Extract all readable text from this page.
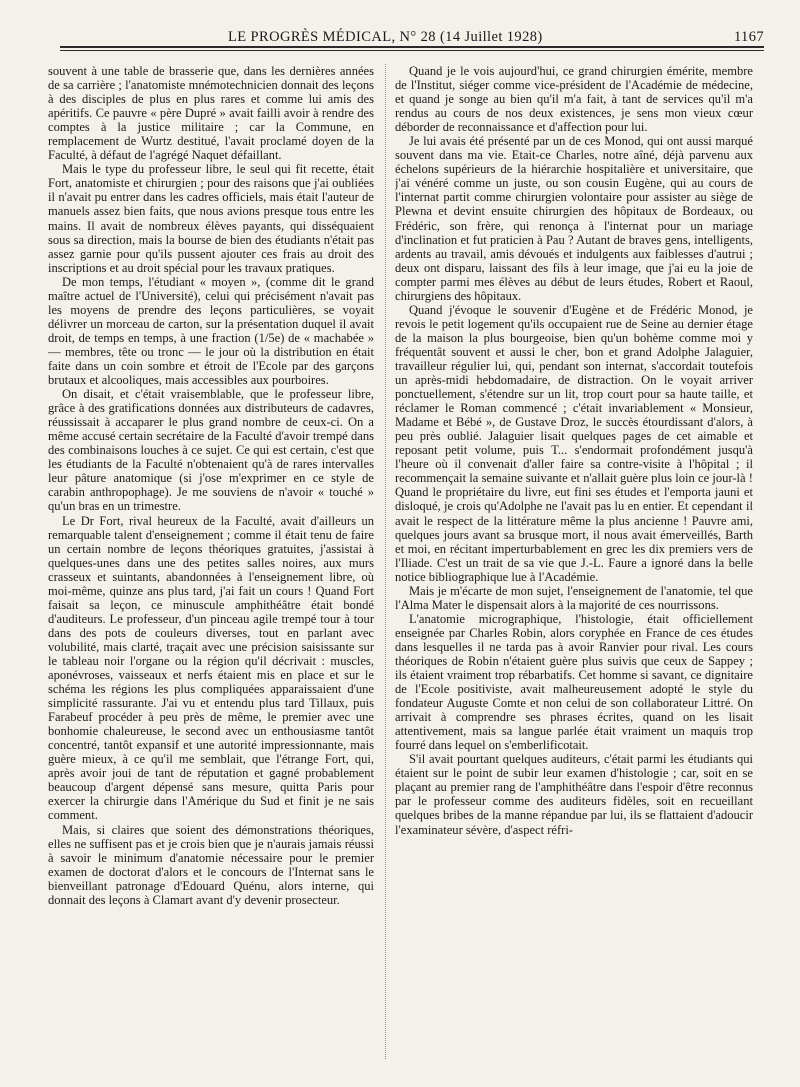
LE PROGRÈS MÉDICAL, N° 28 (14 Juillet 1928)	1167

souvent à une table de brasserie que, dans les dernières années de sa carrière ; l'anatomiste mnémotechnicien donnait des leçons à des disciples de plus en plus rares et comme lui amis des apéritifs. Ce pauvre « père Dupré » avait failli avoir à rendre des comptes à la justice militaire ; car la Commune, en remplacement de Wurtz destitué, l'avait proclamé doyen de la Faculté, à défaut de l'agrégé Naquet défaillant.

Mais le type du professeur libre, le seul qui fit recette, était Fort, anatomiste et chirurgien ; pour des raisons que j'ai oubliées il n'avait pu entrer dans les cadres officiels, mais était l'auteur de manuels assez bien faits, que nous avions presque tous entre les mains. Il avait de nombreux élèves payants, qui disséquaient sous sa direction, mais la bourse de bien des étudiants n'était pas assez garnie pour qu'ils pussent ajouter ces frais au droit des inscriptions et au droit spécial pour les travaux pratiques.

De mon temps, l'étudiant « moyen », (comme dit le grand maître actuel de l'Université), celui qui précisément n'avait pas les moyens de prendre des leçons particulières, se voyait délivrer un morceau de carton, sur la présentation duquel il avait droit, de temps en temps, à une fraction (1/5e) de « machabée » — membres, tête ou tronc — le jour où la distribution en était faite dans un coin sombre et étroit de l'Ecole par des garçons brutaux et alcooliques, mais accessibles aux pourboires.

On disait, et c'était vraisemblable, que le professeur libre, grâce à des gratifications données aux distributeurs de cadavres, réussissait à accaparer le plus grand nombre de ceux-ci. On a même accusé certain secrétaire de la Faculté d'avoir trempé dans des combinaisons louches à ce sujet. Ce qui est certain, c'est que les étudiants de la Faculté n'obtenaient qu'à de rares intervalles leur pâture anatomique (si j'ose m'exprimer en ce style de carabin anthropophage). Je me souviens de n'avoir « touché » qu'un bras en un trimestre.

Le Dr Fort, rival heureux de la Faculté, avait d'ailleurs un remarquable talent d'enseignement ; comme il était tenu de faire un certain nombre de leçons théoriques gratuites, j'assistai à quelques-unes dans une des petites salles noires, aux murs crasseux et suintants, abandonnées à l'enseignement libre, où moi-même, quinze ans plus tard, j'ai fait un cours ! Quand Fort faisait sa leçon, ce minuscule amphithéâtre était bondé d'auditeurs. Le professeur, d'un pinceau agile trempé tour à tour dans des pots de couleurs diverses, tout en parlant avec volubilité, mais clarté, traçait avec une précision saisissante sur le tableau noir l'organe ou la région qu'il décrivait : muscles, aponévroses, vaisseaux et nerfs étaient mis en place et sur le schéma les régions les plus compliquées apparaissaient d'une simplicité rassurante. J'ai vu et entendu plus tard Tillaux, puis Farabeuf procéder à peu près de même, le premier avec une bonhomie chaleureuse, le second avec un enthousiasme tantôt concentré, tantôt expansif et une autorité impressionnante, mais guère mieux, à ce qu'il me semblait, que l'étrange Fort, qui, après avoir joui de tant de réputation et gagné probablement beaucoup d'argent dépensé sans mesure, quitta Paris pour exercer la chirurgie dans l'Amérique du Sud et finit je ne sais comment.

Mais, si claires que soient des démonstrations théoriques, elles ne suffisent pas et je crois bien que je n'aurais jamais réussi à savoir le minimum d'anatomie nécessaire pour le premier examen de doctorat d'alors et le concours de l'Internat sans le bienveillant patronage d'Edouard Quénu, alors interne, qui donnait des leçons à Clamart avant d'y devenir prosecteur.

Quand je le vois aujourd'hui, ce grand chirurgien émérite, membre de l'Institut, siéger comme vice-président de l'Académie de médecine, et quand je songe au bien qu'il m'a fait, à tant de services qu'il m'a rendus au cours de nos deux existences, je sens mon vieux cœur déborder de reconnaissance et d'affection pour lui.

Je lui avais été présenté par un de ces Monod, qui ont aussi marqué souvent dans ma vie. Etait-ce Charles, notre aîné, déjà parvenu aux échelons supérieurs de la hiérarchie hospitalière et universitaire, que j'ai vénéré comme un juste, ou son cousin Eugène, qui au cours de l'internat partit comme chirurgien volontaire pour assister au siège de Plewna et devint ensuite chirurgien des hôpitaux de Bordeaux, ou Frédéric, son frère, qui renonça à l'internat pour un mariage d'inclination et fut praticien à Pau ? Autant de braves gens, intelligents, ardents au travail, amis dévoués et indulgents aux faiblesses d'autrui ; deux ont disparu, laissant des fils à leur image, que j'ai eu la joie de compter parmi mes élèves au début de leurs études, Robert et Raoul, chirurgiens des hôpitaux.

Quand j'évoque le souvenir d'Eugène et de Frédéric Monod, je revois le petit logement qu'ils occupaient rue de Seine au dernier étage de la maison la plus bourgeoise, bien qu'un bohème comme moi y fréquentât souvent et aussi le cher, bon et grand Adolphe Jalaguier, travailleur régulier lui, qui, pendant son internat, s'accordait toutefois un après-midi hebdomadaire, de distraction. On le voyait arriver ponctuellement, s'étendre sur un lit, trop court pour sa haute taille, et réclamer le Roman commencé ; c'était invariablement « Monsieur, Madame et Bébé », de Gustave Droz, le succès étourdissant d'alors, à peu près oublié. Jalaguier lisait quelques pages de cet aimable et reposant petit volume, puis T... s'endormait profondément jusqu'à l'heure où il convenait d'aller faire sa contre-visite à l'hôpital ; il recommençait la semaine suivante et n'allait guère plus loin ce jour-là ! Quand le propriétaire du livre, eut fini ses études et l'emporta jauni et disloqué, je crois qu'Adolphe ne l'avait pas lu en entier. Et cependant il avait le respect de la littérature même la plus ancienne ! Pauvre ami, quelques jours avant sa brusque mort, il nous avait émerveillés, Barth et moi, en récitant imperturbablement en grec les dix premiers vers de l'Iliade. C'est un trait de sa vie que J.-L. Faure a ignoré dans la belle notice bibliographique lue à l'Académie.

Mais je m'écarte de mon sujet, l'enseignement de l'anatomie, tel que l'Alma Mater le dispensait alors à la majorité de ces nourrissons.

L'anatomie micrographique, l'histologie, était officiellement enseignée par Charles Robin, alors coryphée en France de ces études dans lesquelles il ne tarda pas à avoir Ranvier pour rival. Les cours théoriques de Robin n'étaient guère plus suivis que ceux de Sappey ; ils étaient vraiment trop rébarbatifs. Cet homme si savant, ce dignitaire de l'Ecole positiviste, avait malheureusement adopté le style du fondateur Auguste Comte et non celui de son collaborateur Littré. On arrivait à comprendre ses phrases écrites, quand on les lisait attentivement, mais sa langue parlée était vraiment un maquis trop fourré dans lequel on s'emberlificotait.

S'il avait pourtant quelques auditeurs, c'était parmi les étudiants qui étaient sur le point de subir leur examen d'histologie ; car, soit en se plaçant au premier rang de l'amphithéâtre dans l'espoir d'être reconnus par le professeur comme des auditeurs fidèles, soit en recueillant quelques bribes de la manne répandue par lui, ils se flattaient d'adoucir l'examinateur sévère, d'aspect réfri-
